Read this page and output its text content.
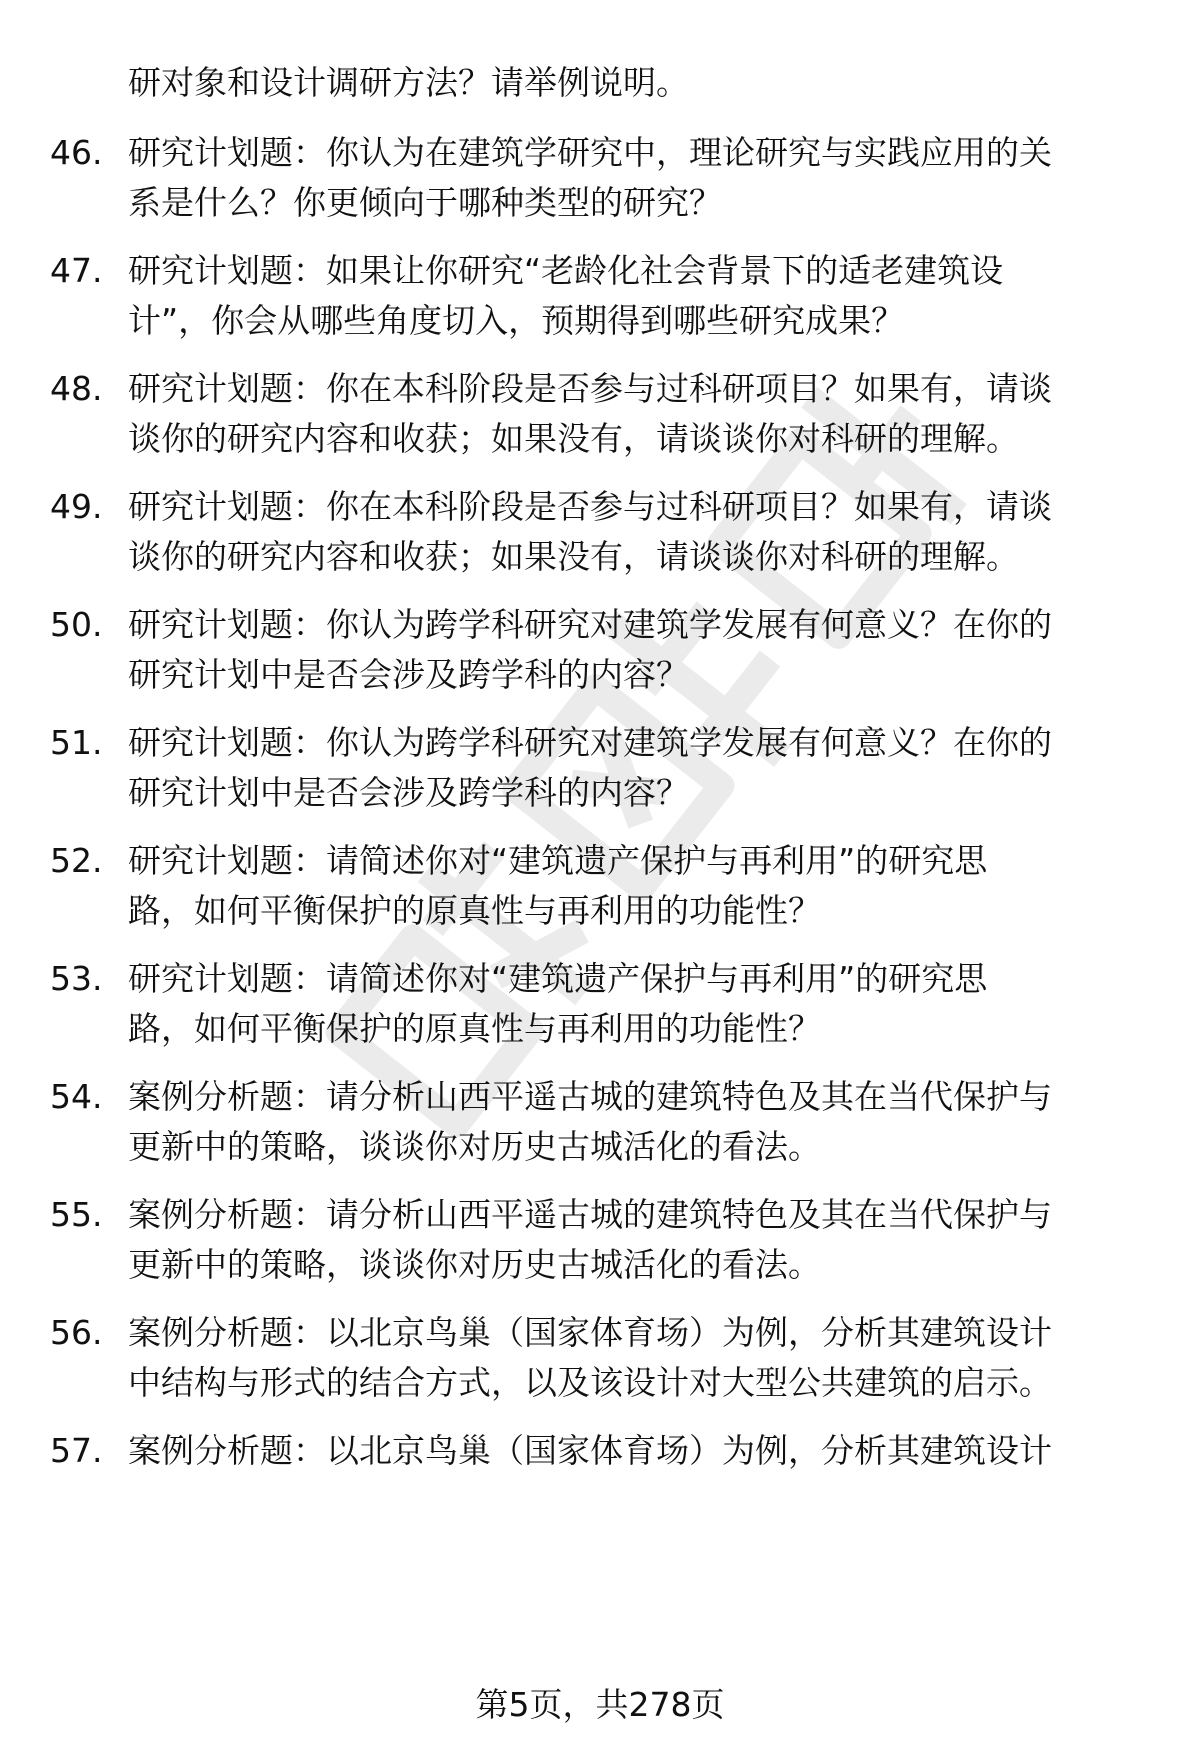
研对象和设计调研方法？请举例说明。
46. 研究计划题：你认为在建筑学研究中，理论研究与实践应用的关
系是什么？你更倾向于哪种类型的研究？
47. 研究计划题：如果让你研究“老龄化社会背景下的适老建筑设
计”，你会从哪些角度切入，预期得到哪些研究成果？
48. 研究计划题：你在本科阶段是否参与过科研项目？如果有，请谈
谈你的研究内容和收获；如果没有，请谈谈你对科研的理解。
49. 研究计划题：你在本科阶段是否参与过科研项目？如果有，请谈
谈你的研究内容和收获；如果没有，请谈谈你对科研的理解。
50. 研究计划题：你认为跨学科研究对建筑学发展有何意义？在你的
研究计划中是否会涉及跨学科的内容？
51. 研究计划题：你认为跨学科研究对建筑学发展有何意义？在你的
研究计划中是否会涉及跨学科的内容？
52. 研究计划题：请简述你对“建筑遗产保护与再利用”的研究思
路，如何平衡保护的原真性与再利用的功能性？
53. 研究计划题：请简述你对“建筑遗产保护与再利用”的研究思
路，如何平衡保护的原真性与再利用的功能性？
54. 案例分析题：请分析山西平遥古城的建筑特色及其在当代保护与
更新中的策略，谈谈你对历史古城活化的看法。
55. 案例分析题：请分析山西平遥古城的建筑特色及其在当代保护与
更新中的策略，谈谈你对历史古城活化的看法。
56. 案例分析题：以北京鸟巢（国家体育场）为例，分析其建筑设计
中结构与形式的结合方式，以及该设计对大型公共建筑的启示。
57. 案例分析题：以北京鸟巢（国家体育场）为例，分析其建筑设计
第5页，共278页
